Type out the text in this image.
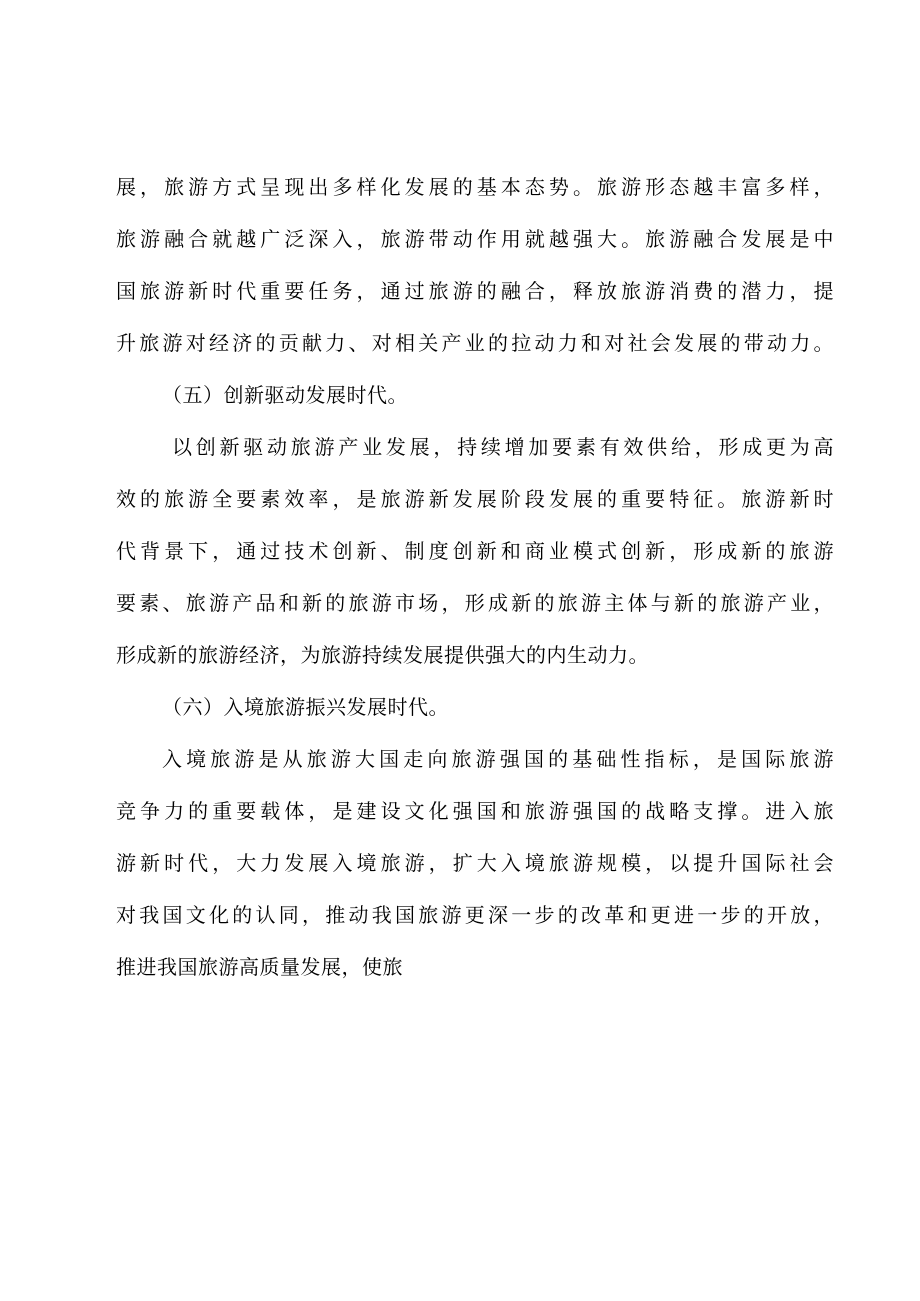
展，旅游方式呈现出多样化发展的基本态势。旅游形态越丰富多样，
旅游融合就越广泛深入，旅游带动作用就越强大。旅游融合发展是中
国旅游新时代重要任务，通过旅游的融合，释放旅游消费的潜力，提
升旅游对经济的贡献力、对相关产业的拉动力和对社会发展的带动力。
（五）创新驱动发展时代。
以创新驱动旅游产业发展，持续增加要素有效供给，形成更为高
效的旅游全要素效率，是旅游新发展阶段发展的重要特征。旅游新时
代背景下，通过技术创新、制度创新和商业模式创新，形成新的旅游
要素、旅游产品和新的旅游市场，形成新的旅游主体与新的旅游产业，
形成新的旅游经济，为旅游持续发展提供强大的内生动力。
（六）入境旅游振兴发展时代。
入境旅游是从旅游大国走向旅游强国的基础性指标，是国际旅游
竞争力的重要载体，是建设文化强国和旅游强国的战略支撑。进入旅
游新时代，大力发展入境旅游，扩大入境旅游规模，以提升国际社会
对我国文化的认同，推动我国旅游更深一步的改革和更进一步的开放，
推进我国旅游高质量发展，使旅
